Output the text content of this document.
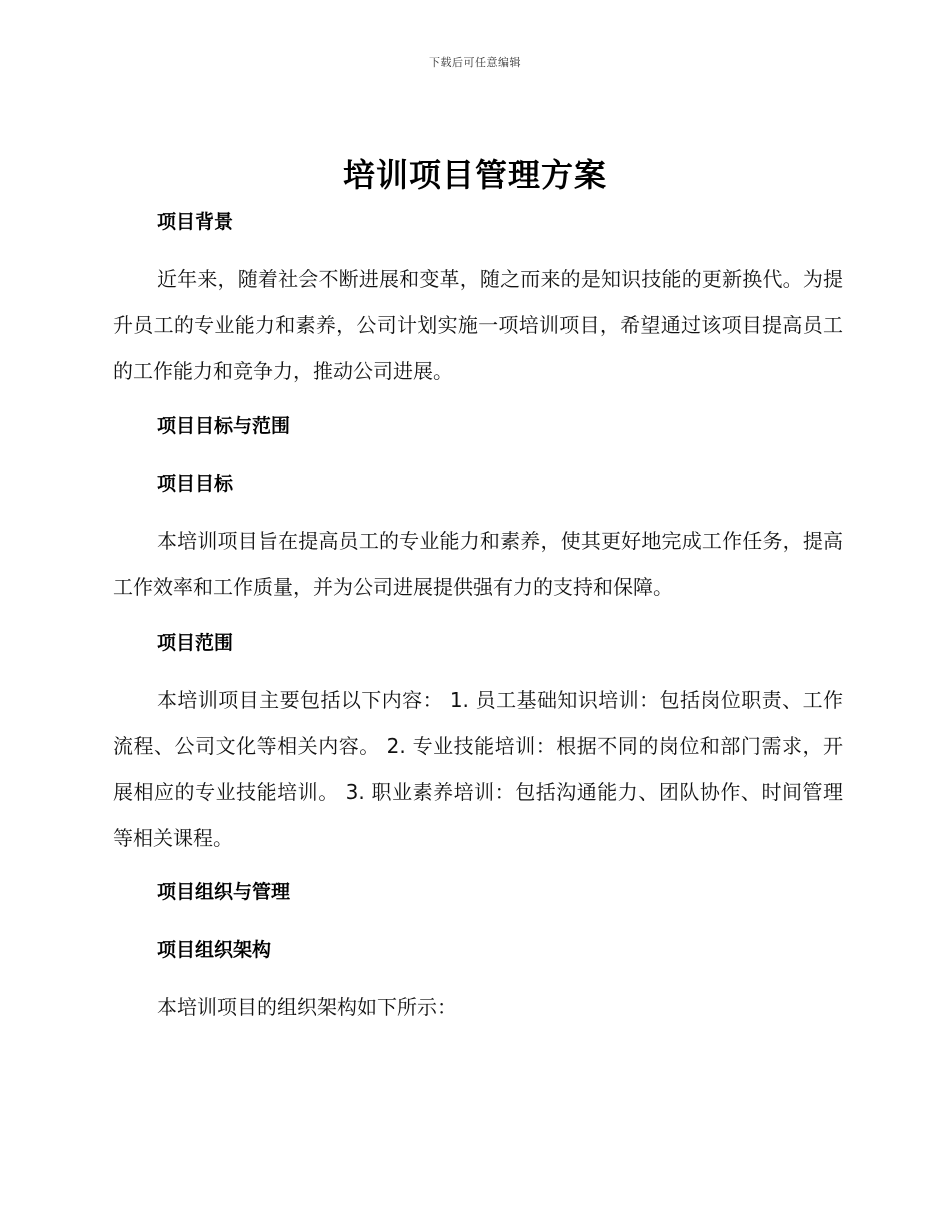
下载后可任意编辑
培训项目管理方案
项目背景

近年来，随着社会不断进展和变革，随之而来的是知识技能的更新换代。为提升员工的专业能力和素养，公司计划实施一项培训项目，希望通过该项目提高员工的工作能力和竞争力，推动公司进展。

项目目标与范围
项目目标

本培训项目旨在提高员工的专业能力和素养，使其更好地完成工作任务，提高工作效率和工作质量，并为公司进展提供强有力的支持和保障。

项目范围

本培训项目主要包括以下内容： 1. 员工基础知识培训：包括岗位职责、工作流程、公司文化等相关内容。 2. 专业技能培训：根据不同的岗位和部门需求，开展相应的专业技能培训。 3. 职业素养培训：包括沟通能力、团队协作、时间管理等相关课程。

项目组织与管理
项目组织架构

本培训项目的组织架构如下所示：
